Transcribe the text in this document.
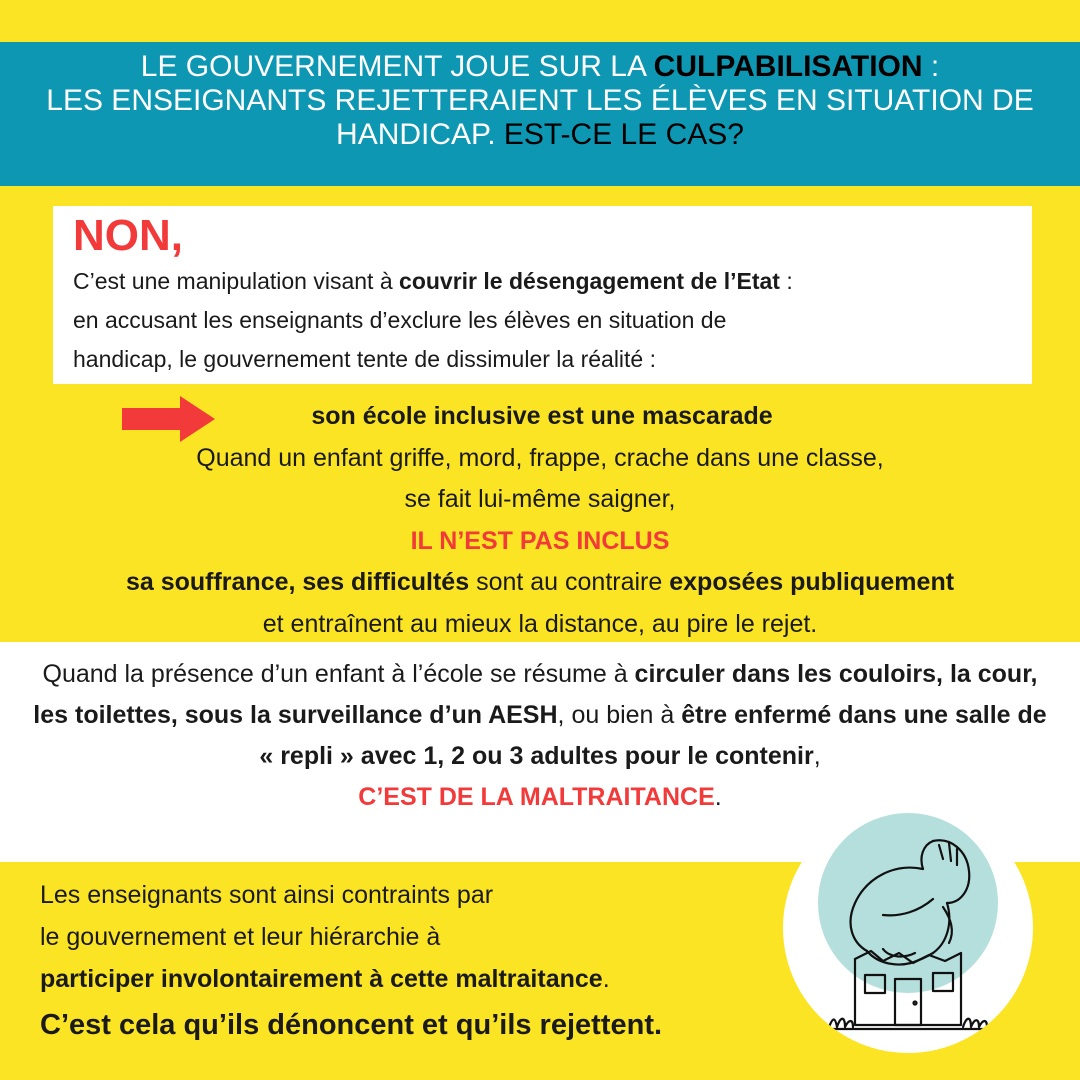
LE GOUVERNEMENT JOUE SUR LA CULPABILISATION :
LES ENSEIGNANTS REJETTERAIENT LES ÉLÈVES EN SITUATION DE
HANDICAP. EST-CE LE CAS?
NON,

C’est une manipulation visant à couvrir le désengagement de l’Etat :

en accusant les enseignants d’exclure les élèves en situation de

handicap, le gouvernement tente de dissimuler la réalité :

son école inclusive est une mascarade
Quand un enfant griffe, mord, frappe, crache dans une classe,
se fait lui-même saigner,
IL N’EST PAS INCLUS
sa souffrance, ses difficultés sont au contraire exposées publiquement
et entraînent au mieux la distance, au pire le rejet.

Quand la présence d’un enfant à l’école se résume à circuler dans les couloirs, la cour, les toilettes, sous la surveillance d’un AESH, ou bien à être enfermé dans une salle de « repli » avec 1, 2 ou 3 adultes pour le contenir,

C’EST DE LA MALTRAITANCE.

Les enseignants sont ainsi contraints par
le gouvernement et leur hiérarchie à
participer involontairement à cette maltraitance.
C’est cela qu’ils dénoncent et qu’ils rejettent.
